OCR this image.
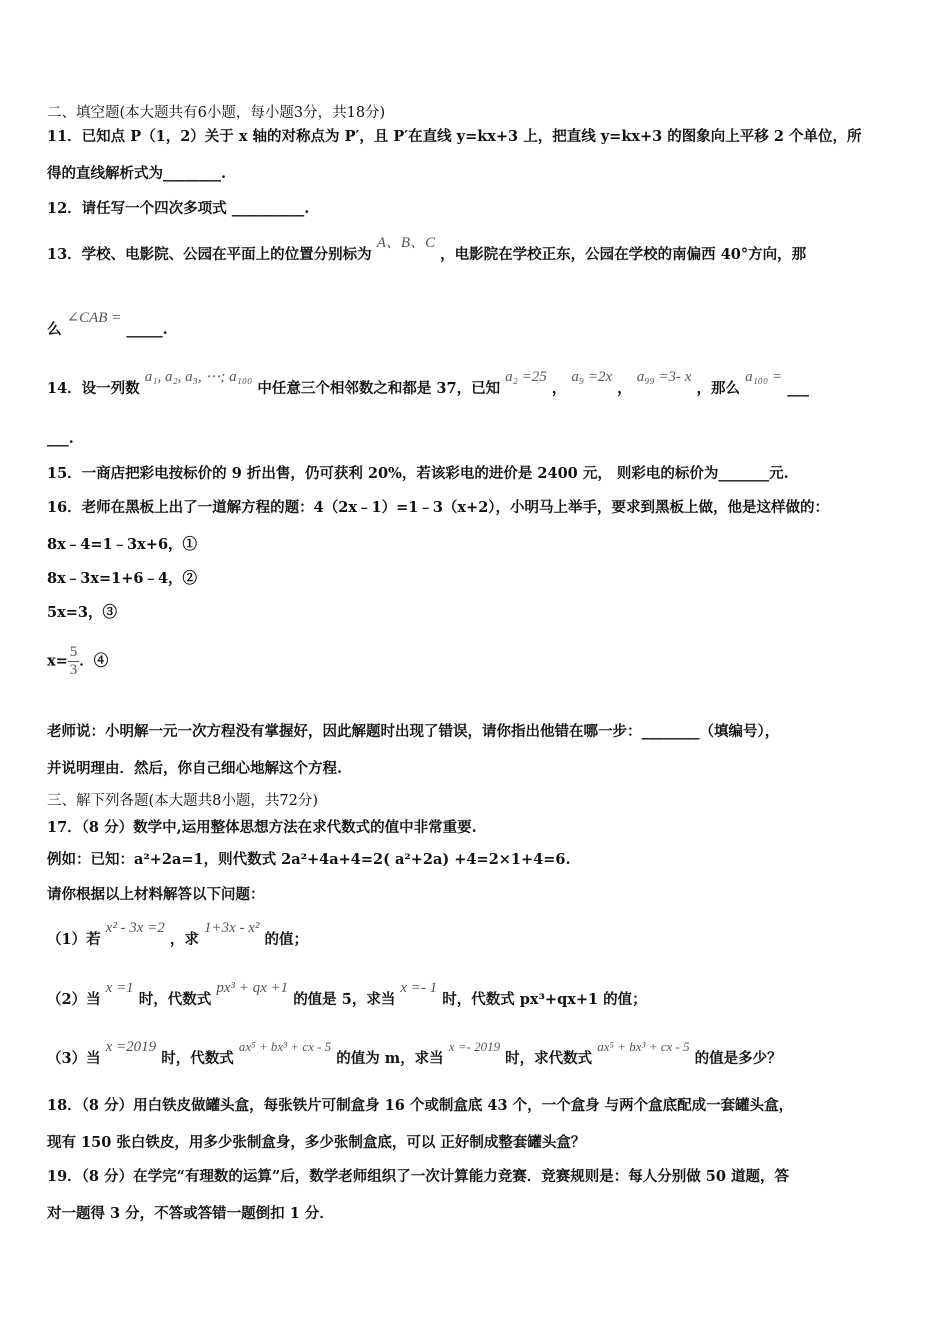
二、填空题(本大题共有6小题，每小题3分，共18分)
11．已知点 P（1，2）关于 x 轴的对称点为 P′，且 P′在直线 y=kx+3 上，把直线 y=kx+3 的图象向上平移 2 个单位，所
得的直线解析式为________.
12．请任写一个四次多项式 __________.
13．学校、电影院、公园在平面上的位置分别标为 A、B、C ，电影院在学校正东，公园在学校的南偏西 40°方向，那
么 ∠CAB = _____.
14．设一列数 a₁, a₂, a₃, ⋯; a₁₀₀ 中任意三个相邻数之和都是 37，已知 a₂ =25 ， a₉ =2x ， a₉₉ =3- x ，那么 a₁₀₀ = ___
___.
15．一商店把彩电按标价的 9 折出售，仍可获利 20%，若该彩电的进价是 2400 元， 则彩电的标价为_______元.
16．老师在黑板上出了一道解方程的题：4（2x﹣1）=1﹣3（x+2），小明马上举手，要求到黑板上做，他是这样做的：
8x﹣4=1﹣3x+6，①
8x﹣3x=1+6﹣4，②
5x=3，③
$x= \frac{5}{3}$ ．④
老师说：小明解一元一次方程没有掌握好，因此解题时出现了错误，请你指出他错在哪一步：________（填编号），
并说明理由．然后，你自己细心地解这个方程.
三、解下列各题(本大题共8小题，共72分)
17．（8 分）数学中,运用整体思想方法在求代数式的值中非常重要.
例如：已知：a²+2a=1，则代数式 2a²+4a+4=2( a²+2a) +4=2×1+4=6.
请你根据以上材料解答以下问题：
（1）若 x² - 3x =2 ，求 1+3x - x² 的值；
（2）当 x =1 时，代数式 px³ + qx +1 的值是 5，求当 x =- 1 时，代数式 px³+qx+1 的值；
（3）当 x =2019 时，代数式 ax⁵ + bx³ + cx - 5 的值为 m，求当 x =- 2019 时，求代数式 ax⁵ + bx³ + cx - 5 的值是多少？
18．（8 分）用白铁皮做罐头盒，每张铁片可制盒身 16 个或制盒底 43 个，一个盒身 与两个盒底配成一套罐头盒，
现有 150 张白铁皮，用多少张制盒身，多少张制盒底，可以 正好制成整套罐头盒？
19．（8 分）在学完“有理数的运算”后，数学老师组织了一次计算能力竞赛．竞赛规则是：每人分别做 50 道题，答
对一题得 3 分，不答或答错一题倒扣 1 分．
